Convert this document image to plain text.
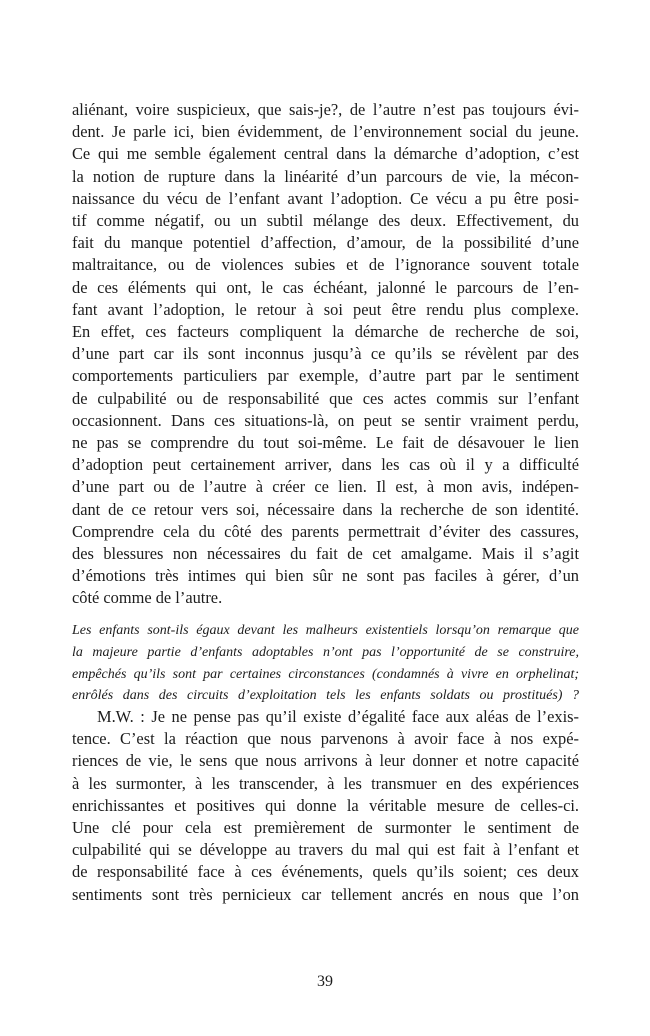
aliénant, voire suspicieux, que sais-je?, de l’autre n’est pas toujours évi-
dent. Je parle ici, bien évidemment, de l’environnement social du jeune.
Ce qui me semble également central dans la démarche d’adoption, c’est
la notion de rupture dans la linéarité d’un parcours de vie, la mécon-
naissance du vécu de l’enfant avant l’adoption. Ce vécu a pu être posi-
tif comme négatif, ou un subtil mélange des deux. Effectivement, du
fait du manque potentiel d’affection, d’amour, de la possibilité d’une
maltraitance, ou de violences subies et de l’ignorance souvent totale
de ces éléments qui ont, le cas échéant, jalonné le parcours de l’en-
fant avant l’adoption, le retour à soi peut être rendu plus complexe.
En effet, ces facteurs compliquent la démarche de recherche de soi,
d’une part car ils sont inconnus jusqu’à ce qu’ils se révèlent par des
comportements particuliers par exemple, d’autre part par le sentiment
de culpabilité ou de responsabilité que ces actes commis sur l’enfant
occasionnent. Dans ces situations-là, on peut se sentir vraiment perdu,
ne pas se comprendre du tout soi-même. Le fait de désavouer le lien
d’adoption peut certainement arriver, dans les cas où il y a difficulté
d’une part ou de l’autre à créer ce lien. Il est, à mon avis, indépen-
dant de ce retour vers soi, nécessaire dans la recherche de son identité.
Comprendre cela du côté des parents permettrait d’éviter des cassures,
des blessures non nécessaires du fait de cet amalgame. Mais il s’agit
d’émotions très intimes qui bien sûr ne sont pas faciles à gérer, d’un
côté comme de l’autre.
Les enfants sont-ils égaux devant les malheurs existentiels lorsqu’on remarque que
la majeure partie d’enfants adoptables n’ont pas l’opportunité de se construire,
empêchés qu’ils sont par certaines circonstances (condamnés à vivre en orphelinat;
enrôlés dans des circuits d’exploitation tels les enfants soldats ou prostitués) ?
M.W. : Je ne pense pas qu’il existe d’égalité face aux aléas de l’exis-
tence. C’est la réaction que nous parvenons à avoir face à nos expé-
riences de vie, le sens que nous arrivons à leur donner et notre capacité
à les surmonter, à les transcender, à les transmuer en des expériences
enrichissantes et positives qui donne la véritable mesure de celles-ci.
Une clé pour cela est premièrement de surmonter le sentiment de
culpabilité qui se développe au travers du mal qui est fait à l’enfant et
de responsabilité face à ces événements, quels qu’ils soient; ces deux
sentiments sont très pernicieux car tellement ancrés en nous que l’on
39
